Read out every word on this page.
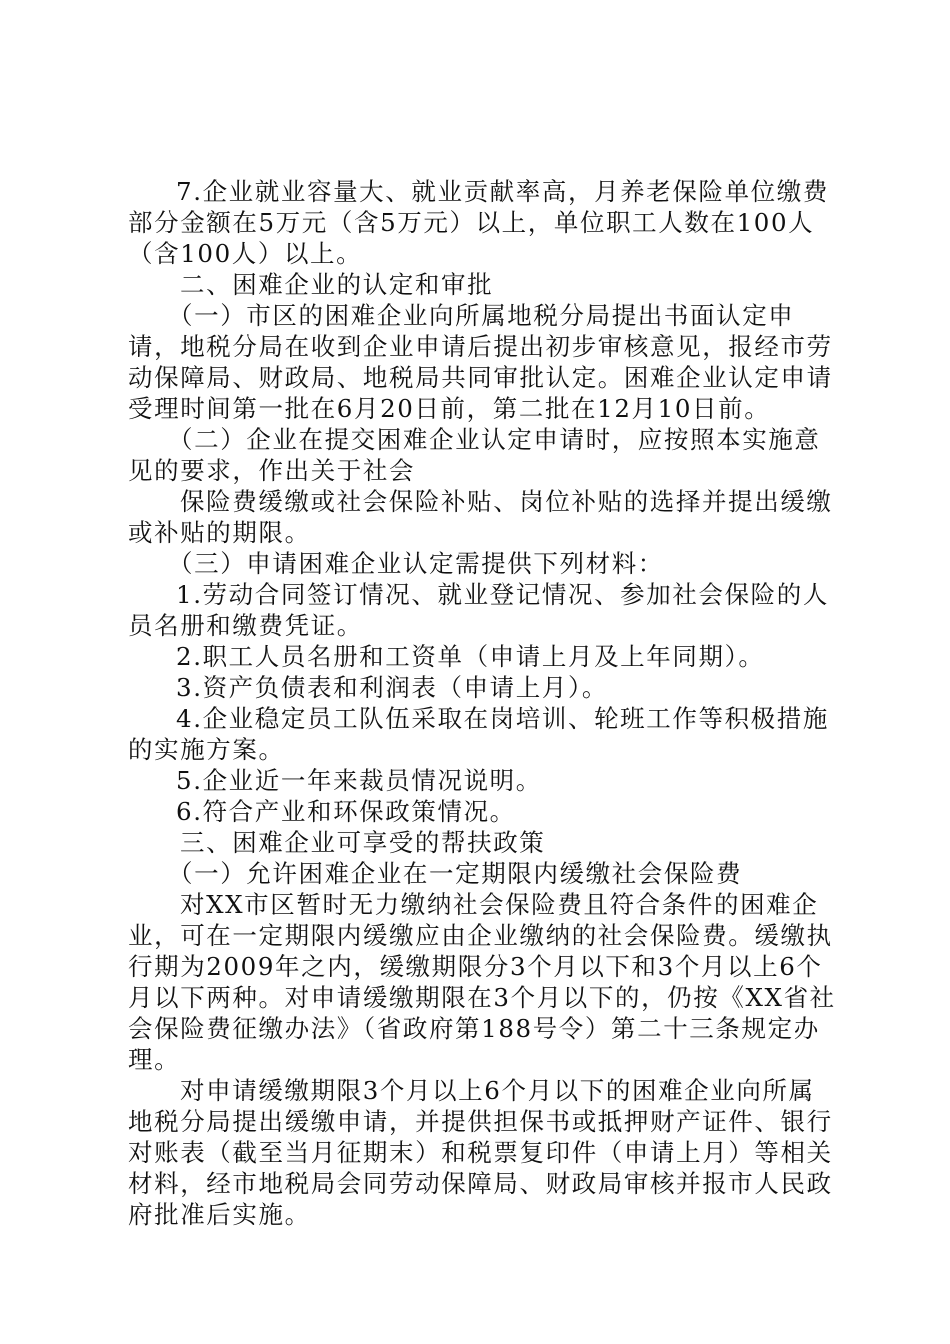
7.企业就业容量大、就业贡献率高，月养老保险单位缴费部分金额在5万元（含5万元）以上，单位职工人数在100人（含100人）以上。

二、困难企业的认定和审批

（一）市区的困难企业向所属地税分局提出书面认定申请，地税分局在收到企业申请后提出初步审核意见，报经市劳动保障局、财政局、地税局共同审批认定。困难企业认定申请受理时间第一批在6月20日前，第二批在12月10日前。

（二）企业在提交困难企业认定申请时，应按照本实施意见的要求，作出关于社会

保险费缓缴或社会保险补贴、岗位补贴的选择并提出缓缴或补贴的期限。

（三）申请困难企业认定需提供下列材料：

1.劳动合同签订情况、就业登记情况、参加社会保险的人员名册和缴费凭证。

2.职工人员名册和工资单（申请上月及上年同期）。

3.资产负债表和利润表（申请上月）。

4.企业稳定员工队伍采取在岗培训、轮班工作等积极措施的实施方案。

5.企业近一年来裁员情况说明。

6.符合产业和环保政策情况。

三、困难企业可享受的帮扶政策

（一）允许困难企业在一定期限内缓缴社会保险费

对XX市区暂时无力缴纳社会保险费且符合条件的困难企业，可在一定期限内缓缴应由企业缴纳的社会保险费。缓缴执行期为2009年之内，缓缴期限分3个月以下和3个月以上6个月以下两种。对申请缓缴期限在3个月以下的，仍按《XX省社会保险费征缴办法》（省政府第188号令）第二十三条规定办理。

对申请缓缴期限3个月以上6个月以下的困难企业向所属地税分局提出缓缴申请，并提供担保书或抵押财产证件、银行对账表（截至当月征期末）和税票复印件（申请上月）等相关材料，经市地税局会同劳动保障局、财政局审核并报市人民政府批准后实施。
